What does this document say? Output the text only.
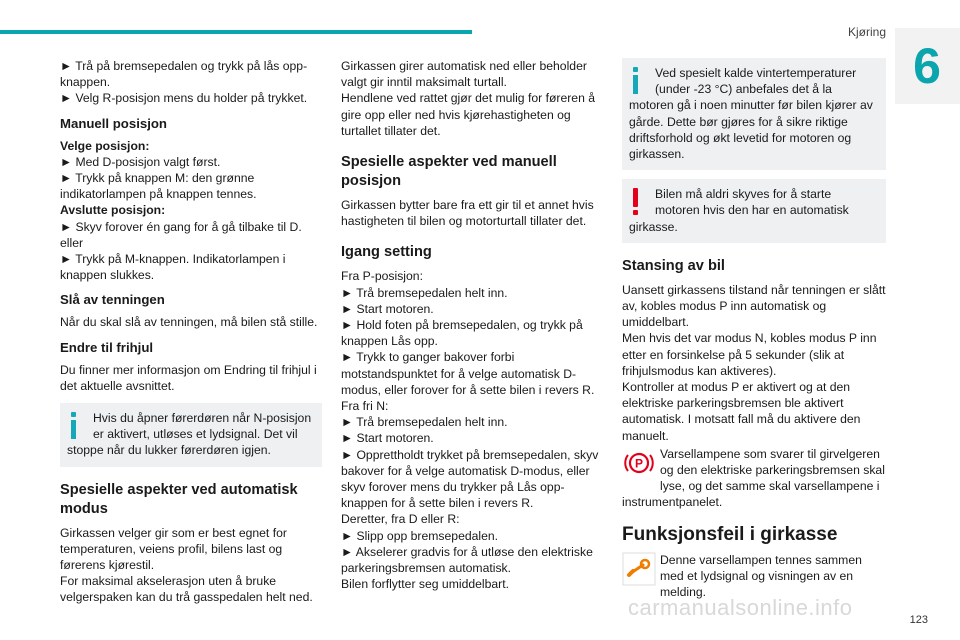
Kjøring
6

► Trå på bremsepedalen og trykk på lås opp-knappen.

► Velg R-posisjon mens du holder på trykket.

Manuell posisjon

Velge posisjon:

► Med D-posisjon valgt først.

► Trykk på knappen M: den grønne indikatorlampen på knappen tennes.

Avslutte posisjon:

► Skyv forover én gang for å gå tilbake til D.

eller

► Trykk på M-knappen. Indikatorlampen i knappen slukkes.

Slå av tenningen

Når du skal slå av tenningen, må bilen stå stille.

Endre til frihjul

Du finner mer informasjon om Endring til frihjul i det aktuelle avsnittet.

Hvis du åpner førerdøren når N-posisjon er aktivert, utløses et lydsignal. Det vil stoppe når du lukker førerdøren igjen.
Spesielle aspekter ved automatisk modus

Girkassen velger gir som er best egnet for temperaturen, veiens profil, bilens last og førerens kjørestil.

For maksimal akselerasjon uten å bruke velgerspaken kan du trå gasspedalen helt ned.

Girkassen girer automatisk ned eller beholder valgt gir inntil maksimalt turtall.

Hendlene ved rattet gjør det mulig for føreren å gire opp eller ned hvis kjørehastigheten og turtallet tillater det.

Spesielle aspekter ved manuell posisjon

Girkassen bytter bare fra ett gir til et annet hvis hastigheten til bilen og motorturtall tillater det.

Igang setting

Fra P-posisjon:

► Trå bremsepedalen helt inn.

► Start motoren.

► Hold foten på bremsepedalen, og trykk på knappen Lås opp.

► Trykk to ganger bakover forbi motstandspunktet for å velge automatisk D-modus, eller forover for å sette bilen i revers R.

Fra fri N:

► Trå bremsepedalen helt inn.

► Start motoren.

► Opprettholdt trykket på bremsepedalen, skyv bakover for å velge automatisk D-modus, eller skyv forover mens du trykker på Lås opp-knappen for å sette bilen i revers R.

Deretter, fra D eller R:

► Slipp opp bremsepedalen.

► Akselerer gradvis for å utløse den elektriske parkeringsbremsen automatisk.

Bilen forflytter seg umiddelbart.

Ved spesielt kalde vintertemperaturer (under -23 °C) anbefales det å la motoren gå i noen minutter før bilen kjører av gårde. Dette bør gjøres for å sikre riktige driftsforhold og økt levetid for motoren og girkassen.
Bilen må aldri skyves for å starte motoren hvis den har en automatisk girkasse.
Stansing av bil

Uansett girkassens tilstand når tenningen er slått av, kobles modus P inn automatisk og umiddelbart.

Men hvis det var modus N, kobles modus P inn etter en forsinkelse på 5 sekunder (slik at frihjulsmodus kan aktiveres).

Kontroller at modus P er aktivert og at den elektriske parkeringsbremsen ble aktivert automatisk. I motsatt fall må du aktivere den manuelt.

P
Varsellampene som svarer til girvelgeren og den elektriske parkeringsbremsen skal lyse, og det samme skal varsellampene i instrumentpanelet.

Funksjonsfeil i girkasse

Denne varsellampen tennes sammen med et lydsignal og visningen av en melding.

carmanualsonline.info	123
